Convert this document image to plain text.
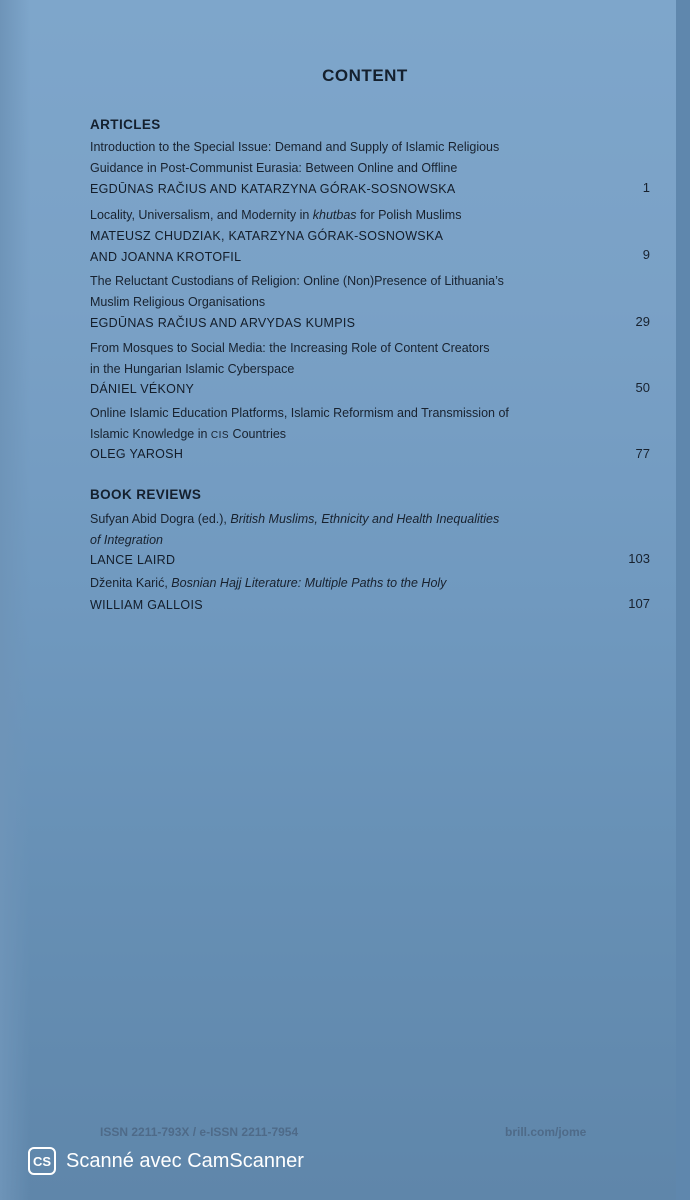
CONTENT
ARTICLES
Introduction to the Special Issue: Demand and Supply of Islamic Religious
Guidance in Post-Communist Eurasia: Between Online and Offline
EGDŪNAS RAČIUS AND KATARZYNA GÓRAK-SOSNOWSKA	1
Locality, Universalism, and Modernity in khutbas for Polish Muslims
MATEUSZ CHUDZIAK, KATARZYNA GÓRAK-SOSNOWSKA
AND JOANNA KROTOFIL	9
The Reluctant Custodians of Religion: Online (Non)Presence of Lithuania’s
Muslim Religious Organisations
EGDŪNAS RAČIUS AND ARVYDAS KUMPIS	29
From Mosques to Social Media: the Increasing Role of Content Creators
in the Hungarian Islamic Cyberspace
DÁNIEL VÉKONY	50
Online Islamic Education Platforms, Islamic Reformism and Transmission of
Islamic Knowledge in CIS Countries
OLEG YAROSH	77
BOOK REVIEWS
Sufyan Abid Dogra (ed.), British Muslims, Ethnicity and Health Inequalities
of Integration
LANCE LAIRD	103
Dženita Karić, Bosnian Hajj Literature: Multiple Paths to the Holy
WILLIAM GALLOIS	107
ISSN 2211-793X / e-ISSN 2211-7954	brill.com/jome
CS Scanné avec CamScanner
